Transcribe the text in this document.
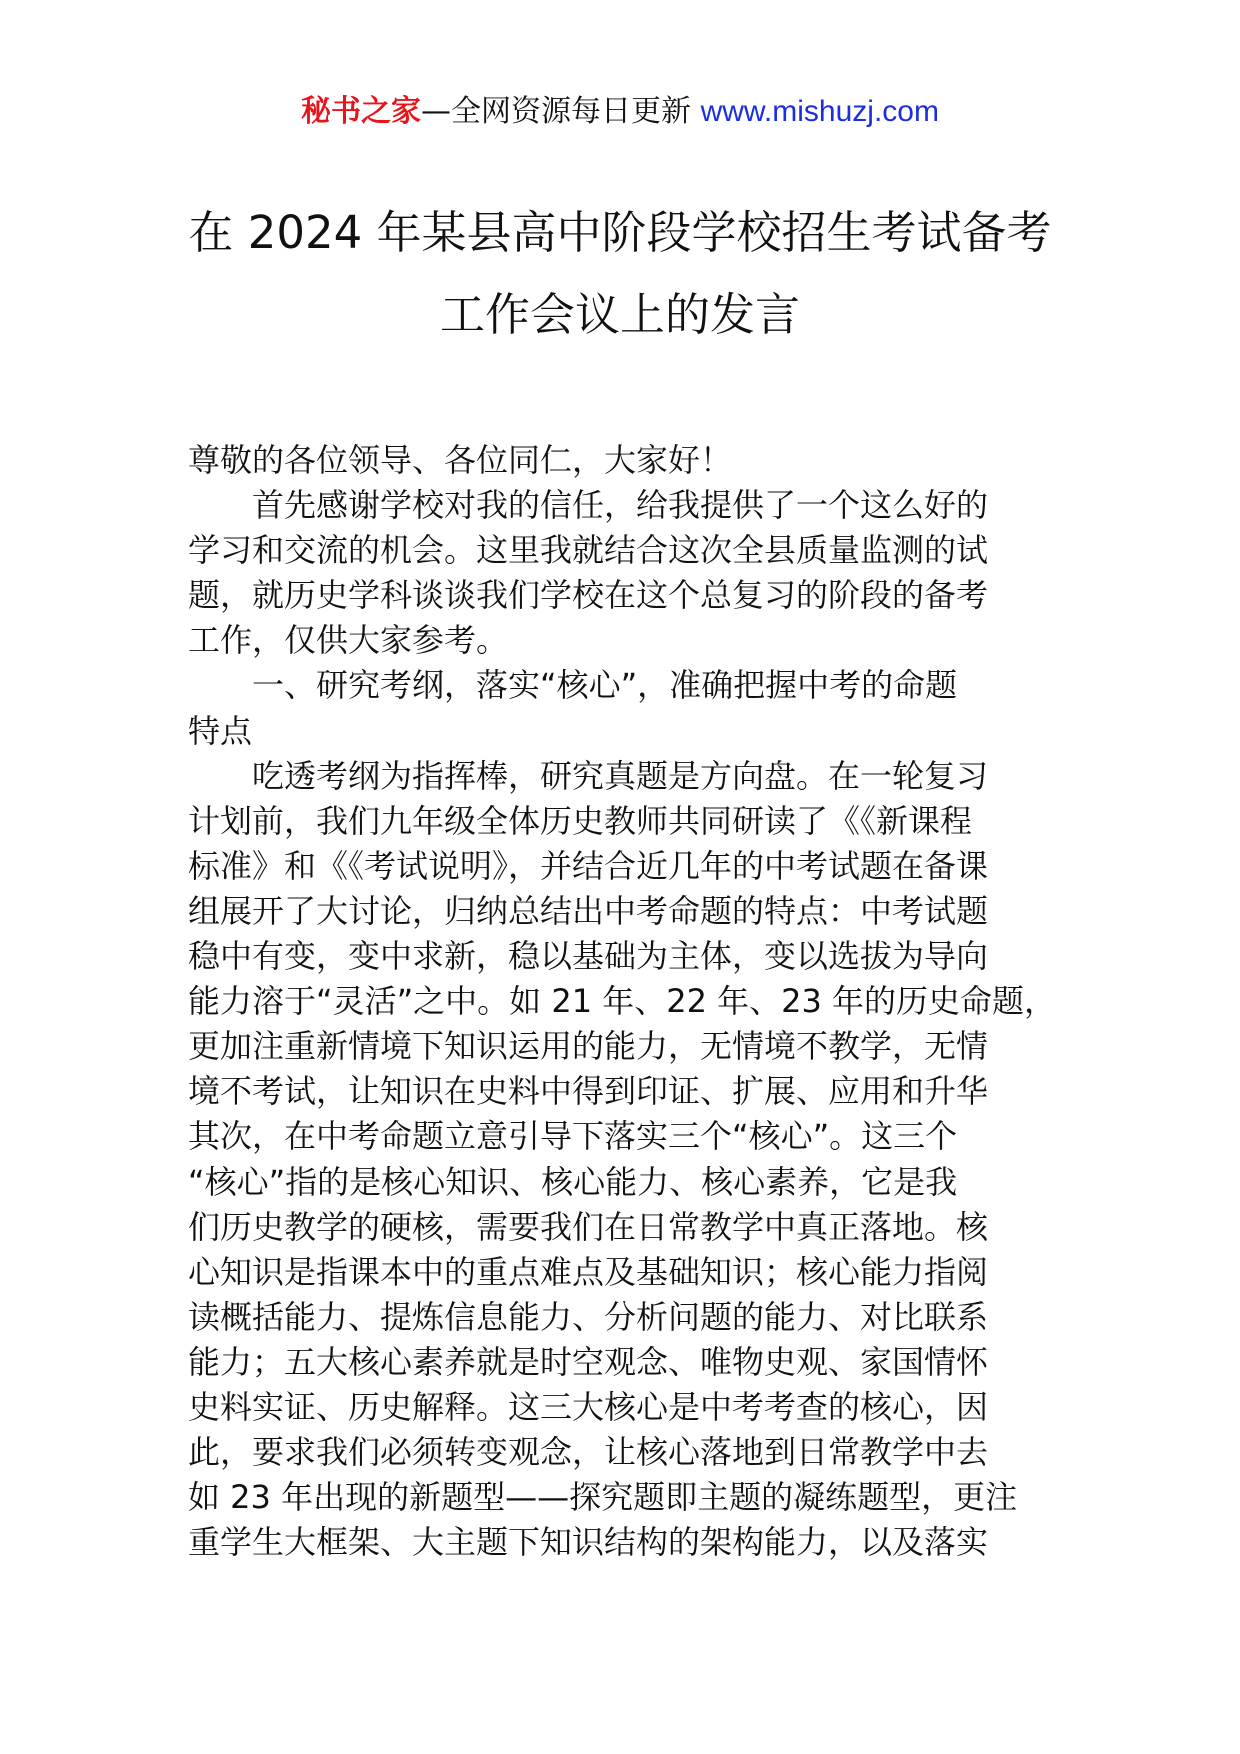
秘书之家—全网资源每日更新 www.mishuzj.com
在 2024 年某县高中阶段学校招生考试备考
工作会议上的发言
尊敬的各位领导、各位同仁，大家好！
首先感谢学校对我的信任，给我提供了一个这么好的
学习和交流的机会。这里我就结合这次全县质量监测的试
题，就历史学科谈谈我们学校在这个总复习的阶段的备考
工作，仅供大家参考。
一、研究考纲，落实“核心”，准确把握中考的命题
特点
吃透考纲为指挥棒，研究真题是方向盘。在一轮复习
计划前，我们九年级全体历史教师共同研读了《《新课程
标准》和《《考试说明》，并结合近几年的中考试题在备课
组展开了大讨论，归纳总结出中考命题的特点：中考试题
稳中有变，变中求新，稳以基础为主体，变以选拔为导向
能力溶于“灵活”之中。如 21 年、22 年、23 年的历史命题，
更加注重新情境下知识运用的能力，无情境不教学，无情
境不考试，让知识在史料中得到印证、扩展、应用和升华
其次，在中考命题立意引导下落实三个“核心”。这三个
“核心”指的是核心知识、核心能力、核心素养，它是我
们历史教学的硬核，需要我们在日常教学中真正落地。核
心知识是指课本中的重点难点及基础知识；核心能力指阅
读概括能力、提炼信息能力、分析问题的能力、对比联系
能力；五大核心素养就是时空观念、唯物史观、家国情怀
史料实证、历史解释。这三大核心是中考考查的核心，因
此，要求我们必须转变观念，让核心落地到日常教学中去
如 23 年出现的新题型——探究题即主题的凝练题型，更注
重学生大框架、大主题下知识结构的架构能力，以及落实
